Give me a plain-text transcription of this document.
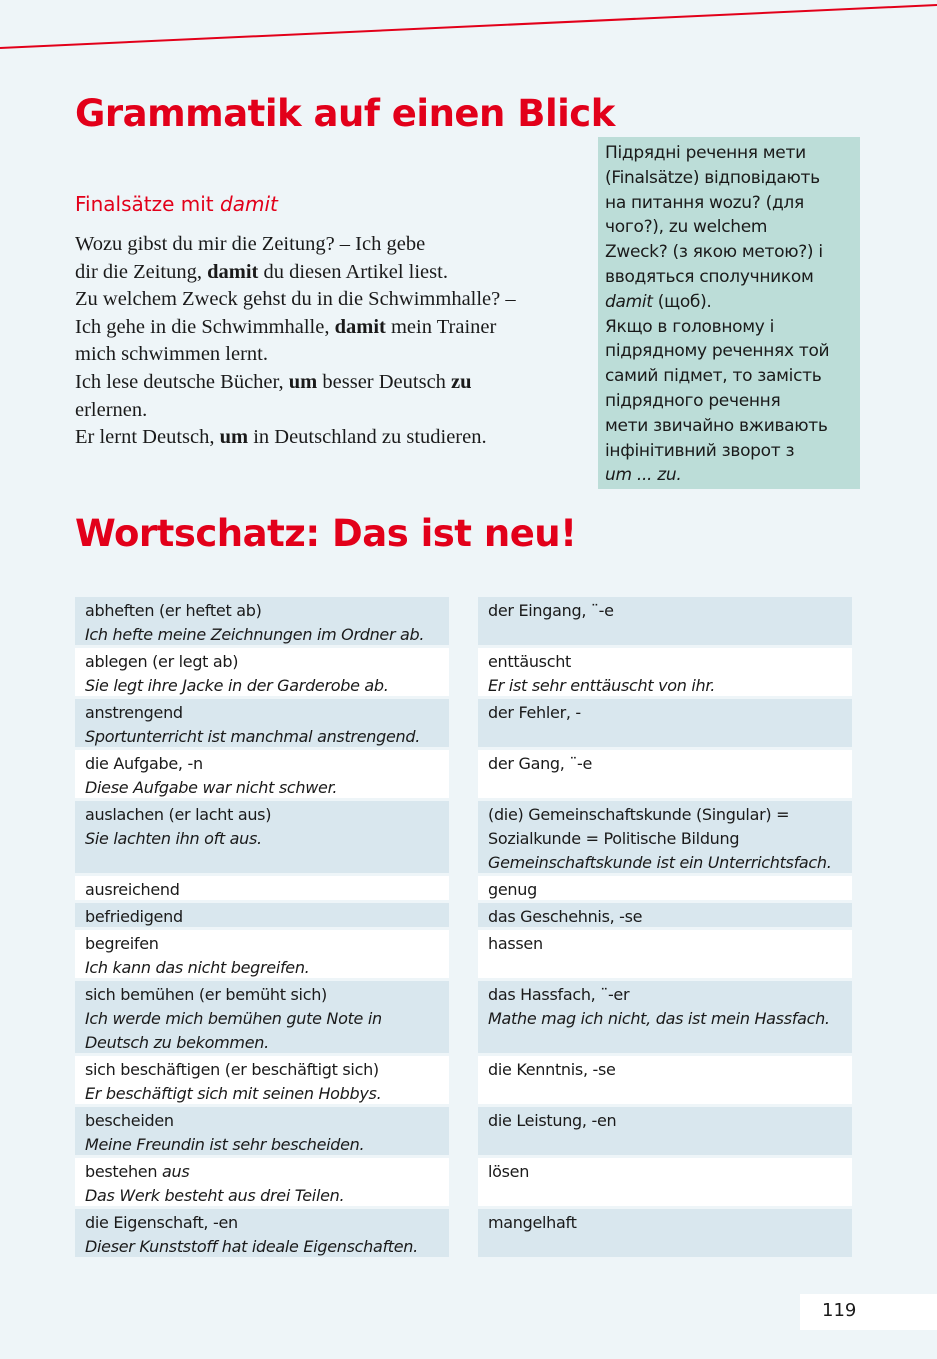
Grammatik auf einen Blick
Finalsätze mit damit

Wozu gibst du mir die Zeitung? – Ich gebe

dir die Zeitung, damit du diesen Artikel liest.

Zu welchem Zweck gehst du in die Schwimmhalle? –

Ich gehe in die Schwimmhalle, damit mein Trainer

mich schwimmen lernt.

Ich lese deutsche Bücher, um besser Deutsch zu

erlernen.

Er lernt Deutsch, um in Deutschland zu studieren.

Підрядні речення мети
(Finalsätze) відповідають
на питання wozu? (для
чого?), zu welchem
Zweck? (з якою метою?) і
вводяться сполучником
damit (щоб).
Якщо в головному і
підрядному реченнях той
самий підмет, то замість
підрядного речення
мети звичайно вживають
інфінітивний зворот з
um ... zu.
Wortschatz: Das ist neu!
abheften (er heftet ab)
Ich hefte meine Zeichnungen im Ordner ab.
ablegen (er legt ab)
Sie legt ihre Jacke in der Garderobe ab.
anstrengend
Sportunterricht ist manchmal anstrengend.
die Aufgabe, -n
Diese Aufgabe war nicht schwer.
auslachen (er lacht aus)
Sie lachten ihn oft aus.
ausreichend
befriedigend
begreifen
Ich kann das nicht begreifen.
sich bemühen (er bemüht sich)
Ich werde mich bemühen gute Note in
Deutsch zu bekommen.
sich beschäftigen (er beschäftigt sich)
Er beschäftigt sich mit seinen Hobbys.
bescheiden
Meine Freundin ist sehr bescheiden.
bestehen aus
Das Werk besteht aus drei Teilen.
die Eigenschaft, -en
Dieser Kunststoff hat ideale Eigenschaften.
der Eingang, ¨-e
enttäuscht
Er ist sehr enttäuscht von ihr.
der Fehler, -
der Gang, ¨-e
(die) Gemeinschaftskunde (Singular) =
Sozialkunde = Politische Bildung
Gemeinschaftskunde ist ein Unterrichtsfach.
genug
das Geschehnis, -se
hassen
das Hassfach, ¨-er
Mathe mag ich nicht, das ist mein Hassfach.
die Kenntnis, -se
die Leistung, -en
lösen
mangelhaft
119
